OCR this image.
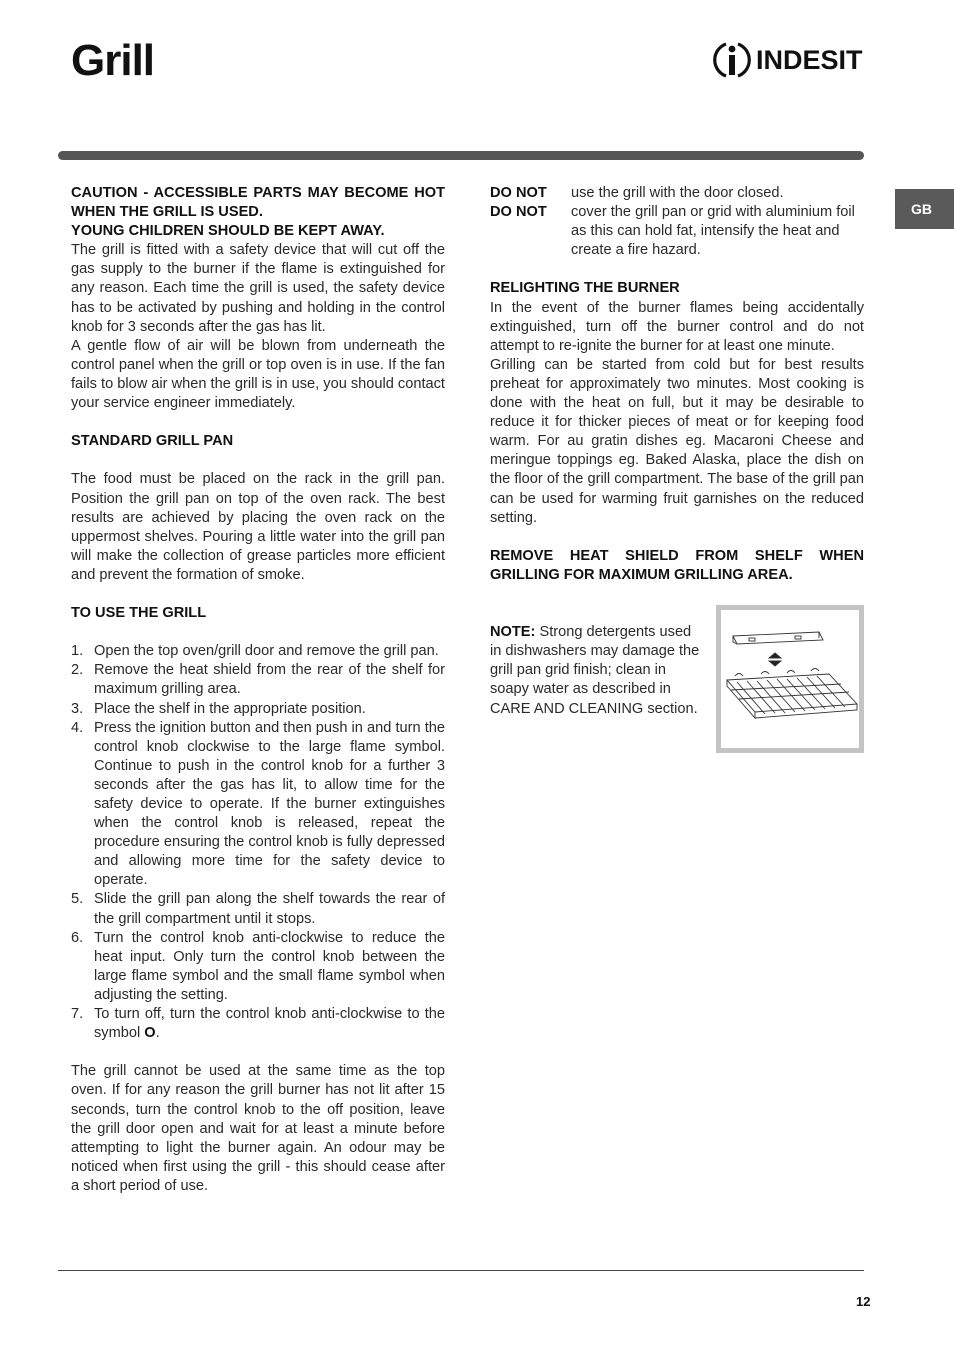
Grill	INDESIT
GB
CAUTION - ACCESSIBLE PARTS MAY BECOME HOT WHEN THE GRILL IS USED.
YOUNG CHILDREN SHOULD BE KEPT AWAY.
The grill is fitted with a safety device that will cut off the gas supply to the burner if the flame is extinguished for any reason. Each time the grill is used, the safety device has to be activated by pushing and holding in the control knob for 3 seconds after the gas has lit.
A gentle flow of air will be blown from underneath the control panel when the grill or top oven is in use. If the fan fails to blow air when the grill is in use, you should contact your service engineer immediately.
STANDARD GRILL PAN
The food must be placed on the rack in the grill pan. Position the grill pan on top of the oven rack. The best results are achieved by placing the oven rack on the uppermost shelves. Pouring a little water into the grill pan will make the collection of grease particles more efficient and prevent the formation of smoke.
TO USE THE GRILL
1. Open the top oven/grill door and remove the grill pan.
2. Remove the heat shield from the rear of the shelf for maximum grilling area.
3. Place the shelf in the appropriate position.
4. Press the ignition button and then push in and turn the control knob clockwise to the large flame symbol. Continue to push in the control knob for a further 3 seconds after the gas has lit, to allow time for the safety device to operate. If the burner extinguishes when the control knob is released, repeat the procedure ensuring the control knob is fully depressed and allowing more time for the safety device to operate.
5. Slide the grill pan along the shelf towards the rear of the grill compartment until it stops.
6. Turn the control knob anti-clockwise to reduce the heat input. Only turn the control knob between the large flame symbol and the small flame symbol when adjusting the setting.
7. To turn off, turn the control knob anti-clockwise to the symbol O.
The grill cannot be used at the same time as the top oven. If for any reason the grill burner has not lit after 15 seconds, turn the control knob to the off position, leave the grill door open and wait for at least a minute before attempting to light the burner again. An odour may be noticed when first using the grill - this should cease after a short period of use.
DO NOT	use the grill with the door closed.
DO NOT	cover the grill pan or grid with aluminium foil as this can hold fat, intensify the heat and create a fire hazard.
RELIGHTING THE BURNER
In the event of the burner flames being accidentally extinguished, turn off the burner control and do not attempt to re-ignite the burner for at least one minute.
Grilling can be started from cold but for best results preheat for approximately two minutes. Most cooking is done with the heat on full, but it may be desirable to reduce it for thicker pieces of meat or for keeping food warm. For au gratin dishes eg. Macaroni Cheese and meringue toppings eg. Baked Alaska, place the dish on the floor of the grill compartment. The base of the grill pan can be used for warming fruit garnishes on the reduced setting.
REMOVE HEAT SHIELD FROM SHELF WHEN GRILLING FOR MAXIMUM GRILLING AREA.
NOTE: Strong detergents used in dishwashers may damage the grill pan grid finish; clean in soapy water as described in CARE AND CLEANING section.
12
